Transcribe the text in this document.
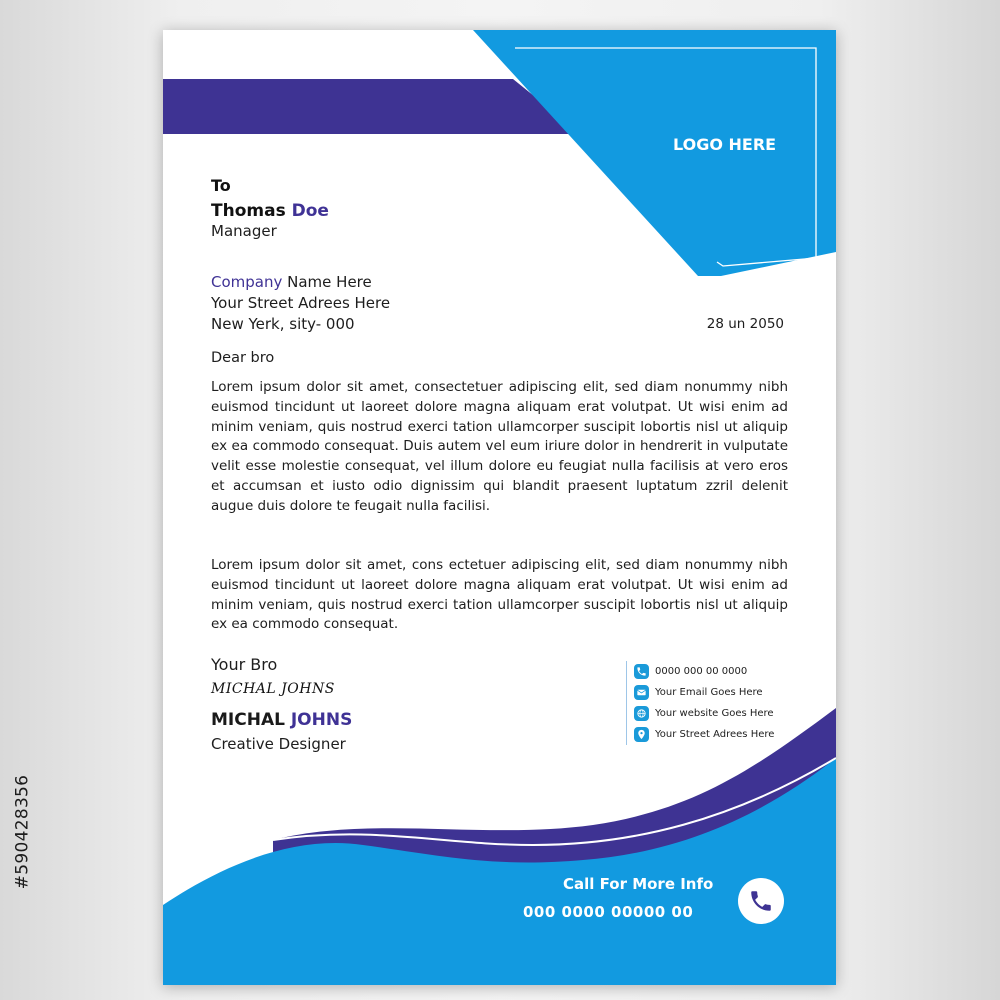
#590428356
LOGO HERE
To
Thomas Doe
Manager
Company Name Here
Your Street Adrees Here
New Yerk, sity- 000	28 un 2050
Dear bro
Lorem ipsum dolor sit amet, consectetuer adipiscing elit, sed diam nonummy nibh euismod tincidunt ut laoreet dolore magna aliquam erat volutpat. Ut wisi enim ad minim veniam, quis nostrud exerci tation ullamcorper suscipit lobortis nisl ut aliquip ex ea commodo consequat. Duis autem vel eum iriure dolor in hendrerit in vulputate velit esse molestie consequat, vel illum dolore eu feugiat nulla facilisis at vero eros et accumsan et iusto odio dignissim qui blandit praesent luptatum zzril delenit augue duis dolore te feugait nulla facilisi.
Lorem ipsum dolor sit amet, cons ectetuer adipiscing elit, sed diam nonummy nibh euismod tincidunt ut laoreet dolore magna aliquam erat volutpat. Ut wisi enim ad minim veniam, quis nostrud exerci tation ullamcorper suscipit lobortis nisl ut aliquip ex ea commodo consequat.
Your Bro
MICHAL JOHNS
MICHAL JOHNS
Creative Designer
0000 000 00 0000
Your Email Goes Here
Your website Goes Here
Your Street Adrees Here
Call For More Info
000 0000 00000 00
